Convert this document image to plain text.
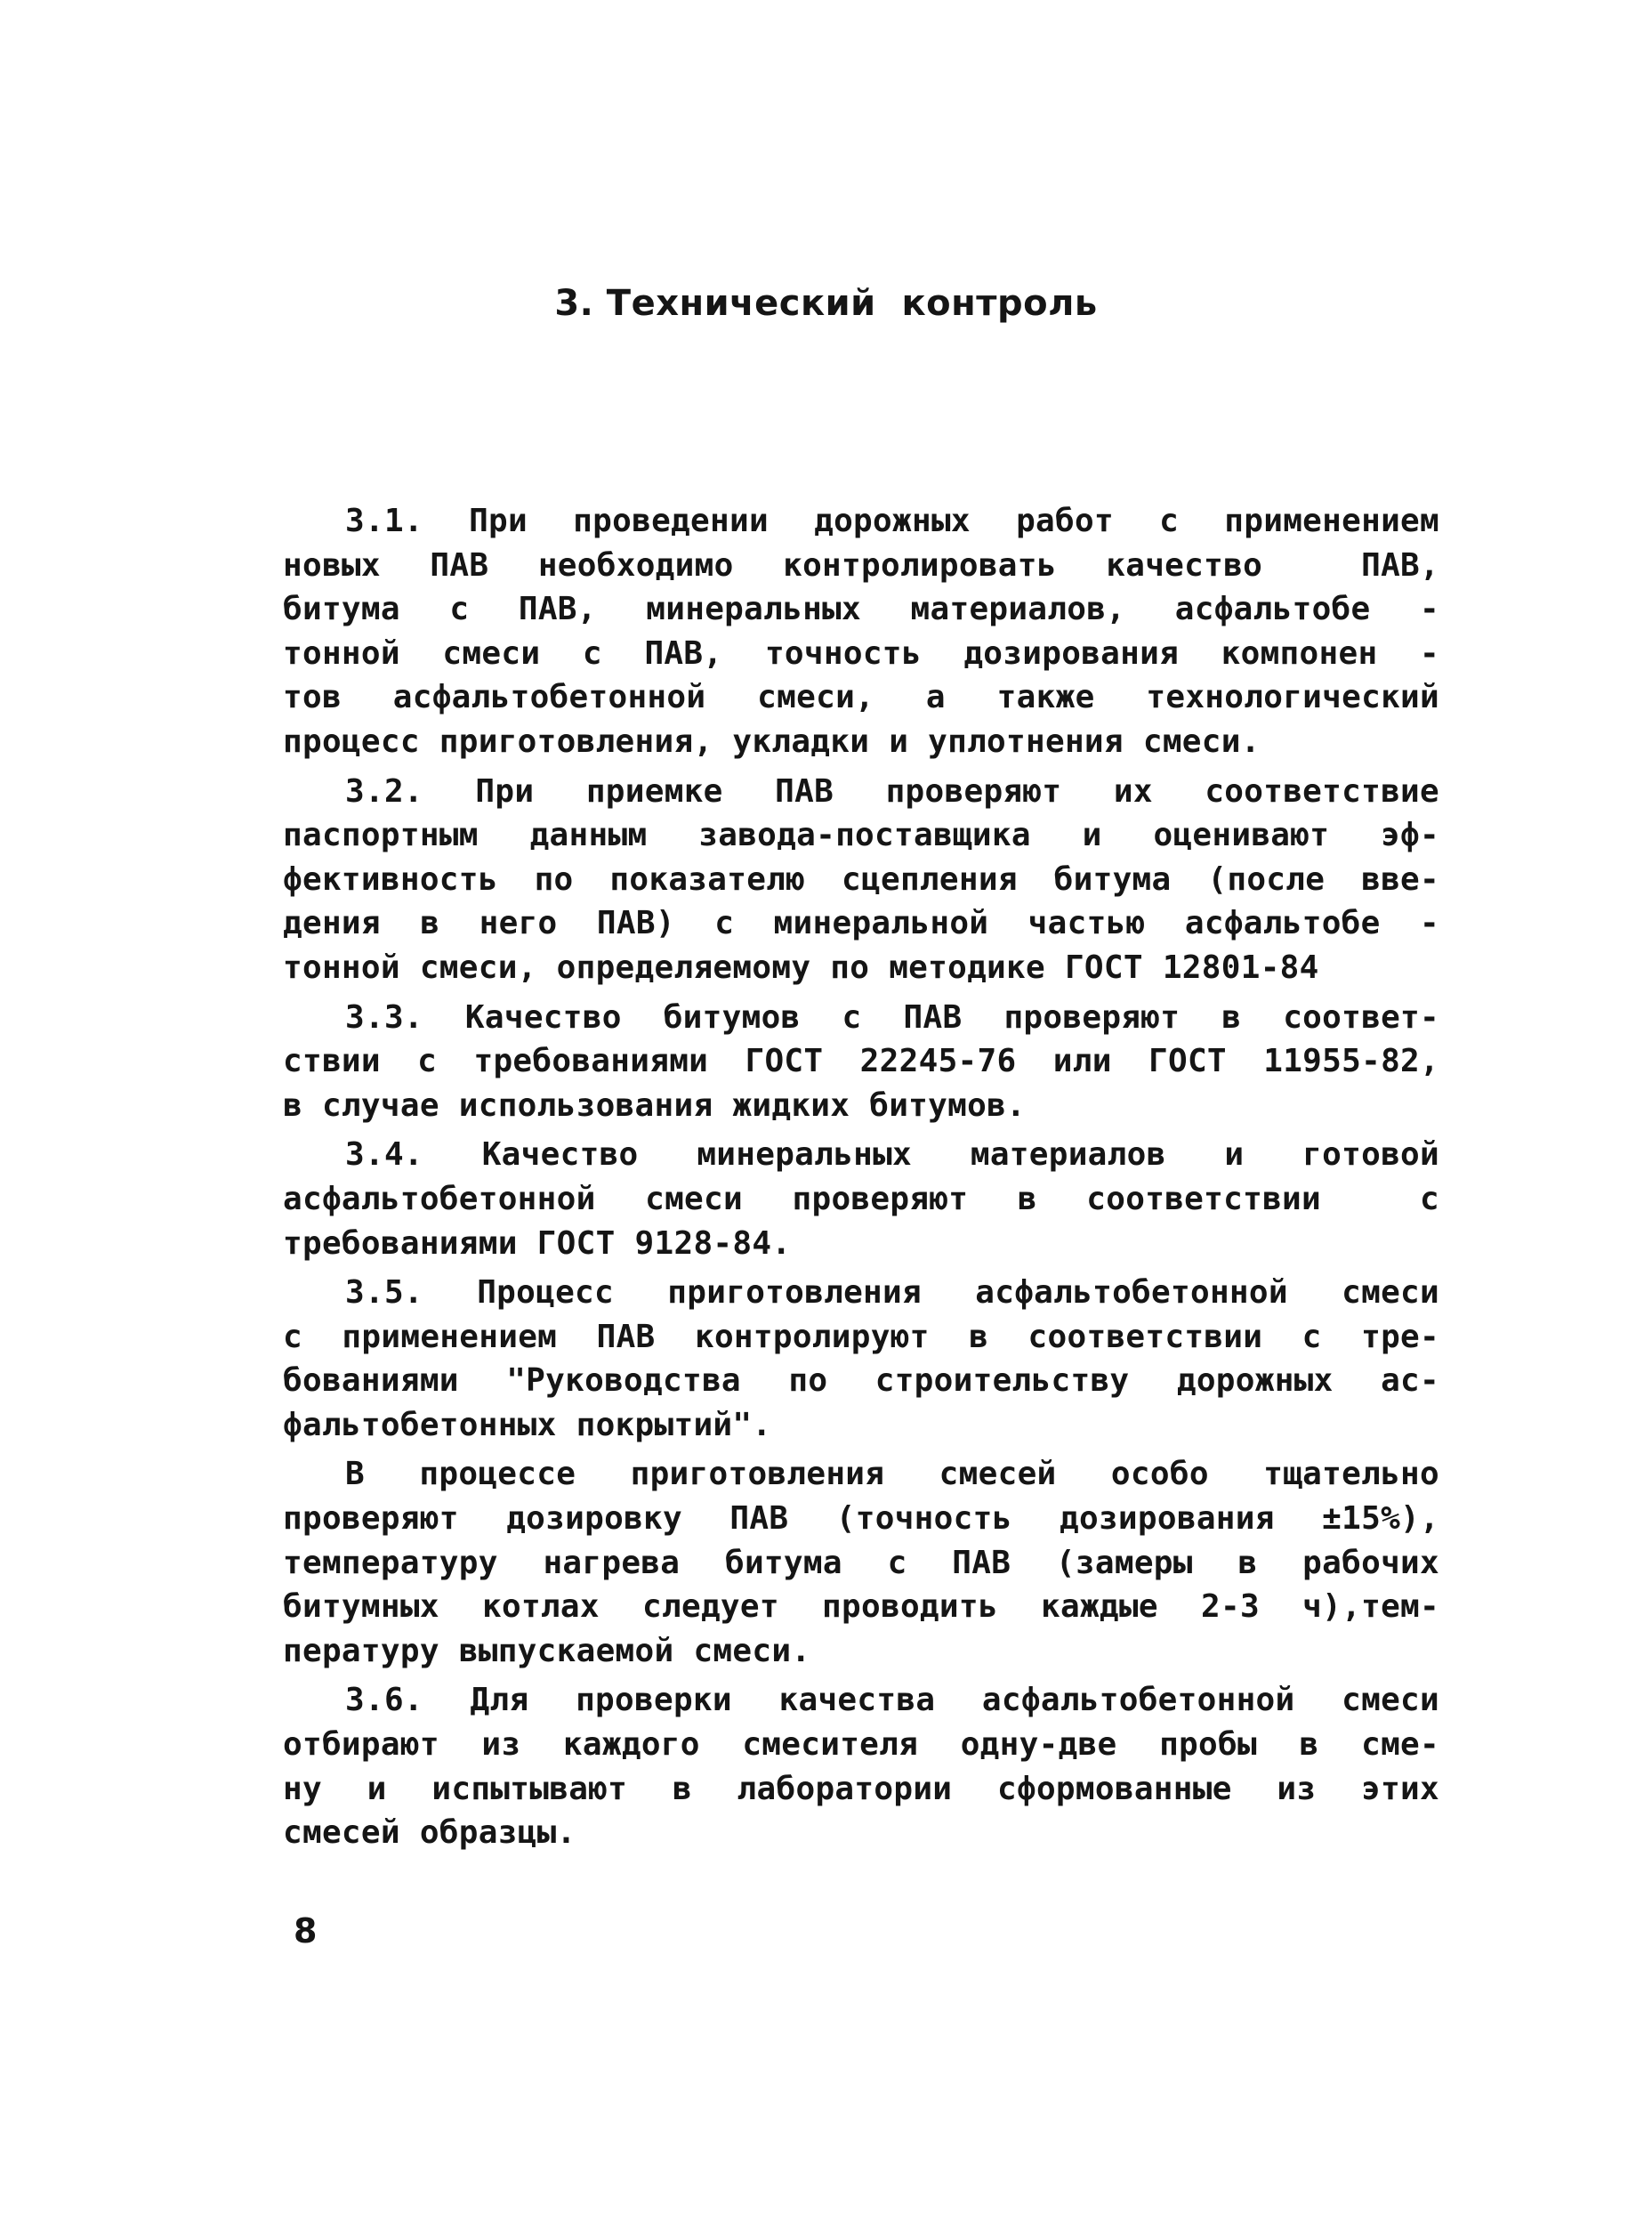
3. Технический  контроль
3.1. При проведении дорожных работ с применением
новых ПАВ необходимо контролировать качество  ПАВ,
битума с ПАВ, минеральных материалов, асфальтобе -
тонной смеси с ПАВ, точность дозирования компонен -
тов асфальтобетонной смеси, а также технологический
процесс приготовления, укладки и уплотнения смеси.
3.2. При приемке ПАВ проверяют их соответствие
паспортным данным завода-поставщика и оценивают эф-
фективность по показателю сцепления битума (после вве-
дения в него ПАВ) с минеральной частью асфальтобе -
тонной смеси, определяемому по методике ГОСТ 12801-84
3.3. Качество битумов с ПАВ проверяют в соответ-
ствии с требованиями ГОСТ 22245-76 или ГОСТ 11955-82,
в случае использования жидких битумов.
3.4. Качество минеральных материалов и готовой
асфальтобетонной смеси проверяют в соответствии  с
требованиями ГОСТ 9128-84.
3.5. Процесс приготовления асфальтобетонной смеси
с применением ПАВ контролируют в соответствии с тре-
бованиями "Руководства по строительству дорожных ас-
фальтобетонных покрытий".
В процессе приготовления смесей особо тщательно
проверяют дозировку ПАВ (точность дозирования ±15%),
температуру нагрева битума с ПАВ (замеры в рабочих
битумных котлах следует проводить каждые 2-3 ч),тем-
пературу выпускаемой смеси.
3.6. Для проверки качества асфальтобетонной смеси
отбирают из каждого смесителя одну-две пробы в сме-
ну и испытывают в лаборатории сформованные из этих
смесей образцы.
8
